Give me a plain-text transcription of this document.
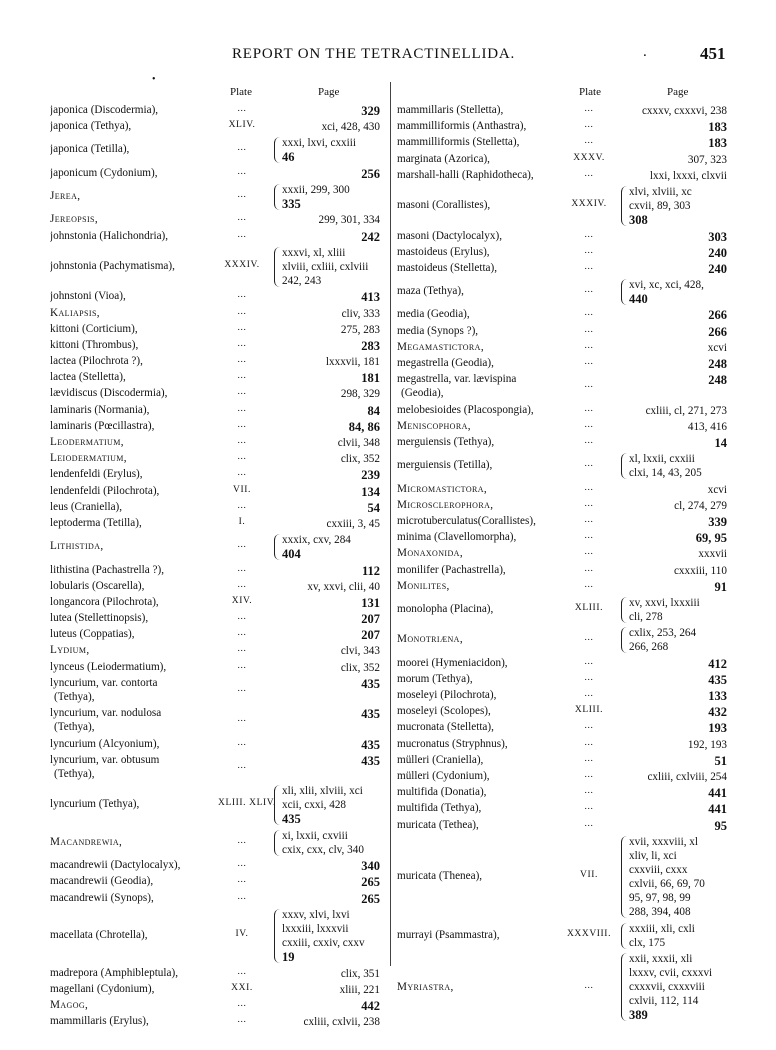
REPORT ON THE TETRACTINELLIDA.	.	451
•
Plate	Page
japonica (Discodermia),	...	329
japonica (Tethya),	XLIV.	xci, 428, 430
japonica (Tetilla),	...	xxxi, lxvi, cxxiii
46
japonicum (Cydonium),	...	256
Jerea,	...	xxxii, 299, 300
335
Jereopsis,	...	299, 301, 334
johnstonia (Halichondria),	...	242
johnstonia (Pachymatisma),	XXXIV.
xxxvi, xl, xliii
xlviii, cxliii, cxlviii
242, 243
johnstoni (Vioa),	...	413
Kaliapsis,	...	cliv, 333
kittoni (Corticium),	...	275, 283
kittoni (Thrombus),	...	283
lactea (Pilochrota ?),	...	lxxxvii, 181
lactea (Stelletta),	...	181
lævidiscus (Discodermia),	...	298, 329
laminaris (Normania),	...	84
laminaris (Pœcillastra),	...	84, 86
Leodermatium,	...	clvii, 348
Leiodermatium,	...	clix, 352
lendenfeldi (Erylus),	...	239
lendenfeldi (Pilochrota),	VII.	134
leus (Craniella),	...	54
leptoderma (Tetilla),	I.	cxxiii, 3, 45
Lithistida,	...	xxxix, cxv, 284
404
lithistina (Pachastrella ?),	...	112
lobularis (Oscarella),	...	xv, xxvi, clii, 40
longancora (Pilochrota),	XIV.	131
lutea (Stellettinopsis),	...	207
luteus (Coppatias),	...	207
Lydium,	...	clvi, 343
lynceus (Leiodermatium),	...	clix, 352
lyncurium, var. contorta
(Tethya),
...	435
lyncurium, var. nodulosa
(Tethya),
...	435
lyncurium (Alcyonium),	...	435
lyncurium, var. obtusum
(Tethya),
...	435
lyncurium (Tethya),	XLIII. XLIV.
xli, xlii, xlviii, xci
xcii, cxxi, 428
435
Macandrewia,	...	xi, lxxii, cxviii
cxix, cxx, clv, 340
macandrewii (Dactylocalyx),	...	340
macandrewii (Geodia),	...	265
macandrewii (Synops),	...	265
macellata (Chrotella),	IV.
xxxv, xlvi, lxvi
lxxxiii, lxxxvii
cxxiii, cxxiv, cxxv
19
madrepora (Amphibleptula),	...	clix, 351
magellani (Cydonium),	XXI.	xliii, 221
Magog,	...	442
mammillaris (Erylus),	...	cxliii, cxlvii, 238
Plate	Page
mammillaris (Stelletta),	...	cxxxv, cxxxvi, 238
mammilliformis (Anthastra),	...	183
mammilliformis (Stelletta),	...	183
marginata (Azorica),	XXXV.	307, 323
marshall-halli (Raphidotheca),	...	lxxi, lxxxi, clxvii
masoni (Corallistes),	XXXIV.
xlvi, xlviii, xc
cxvii, 89, 303
308
masoni (Dactylocalyx),	...	303
mastoideus (Erylus),	...	240
mastoideus (Stelletta),	...	240
maza (Tethya),	...	xvi, xc, xci, 428,
440
media (Geodia),	...	266
media (Synops ?),	...	266
Megamastictora,	...	xcvi
megastrella (Geodia),	...	248
megastrella, var. lævispina
(Geodia),
...	248
melobesioides (Placospongia),	...	cxliii, cl, 271, 273
Meniscophora,	...	413, 416
merguiensis (Tethya),	...	14
merguiensis (Tetilla),	...	xl, lxxii, cxxiii
clxi, 14, 43, 205
Micromastictora,	...	xcvi
Microsclerophora,	...	cl, 274, 279
microtuberculatus(Corallistes),	...	339
minima (Clavellomorpha),	...	69, 95
Monaxonida,	...	xxxvii
monilifer (Pachastrella),	...	cxxxiii, 110
Monilites,	...	91
monolopha (Placina),	XLIII.	xv, xxvi, lxxxiii
cli, 278
Monotriæna,	...	cxlix, 253, 264
266, 268
moorei (Hymeniacidon),	...	412
morum (Tethya),	...	435
moseleyi (Pilochrota),	...	133
moseleyi (Scolopes),	XLIII.	432
mucronata (Stelletta),	...	193
mucronatus (Stryphnus),	...	192, 193
mülleri (Craniella),	...	51
mülleri (Cydonium),	...	cxliii, cxlviii, 254
multifida (Donatia),	...	441
multifida (Tethya),	...	441
muricata (Tethea),	...	95
muricata (Thenea),	VII.
xvii, xxxviii, xl
xliv, li, xci
cxxviii, cxxx
cxlvii, 66, 69, 70
95, 97, 98, 99
288, 394, 408
murrayi (Psammastra),	XXXVIII.	xxxiii, xli, cxli
clx, 175
Myriastra,	...
xxii, xxxii, xli
lxxxv, cvii, cxxxvi
cxxxvii, cxxxviii
cxlvii, 112, 114
389
